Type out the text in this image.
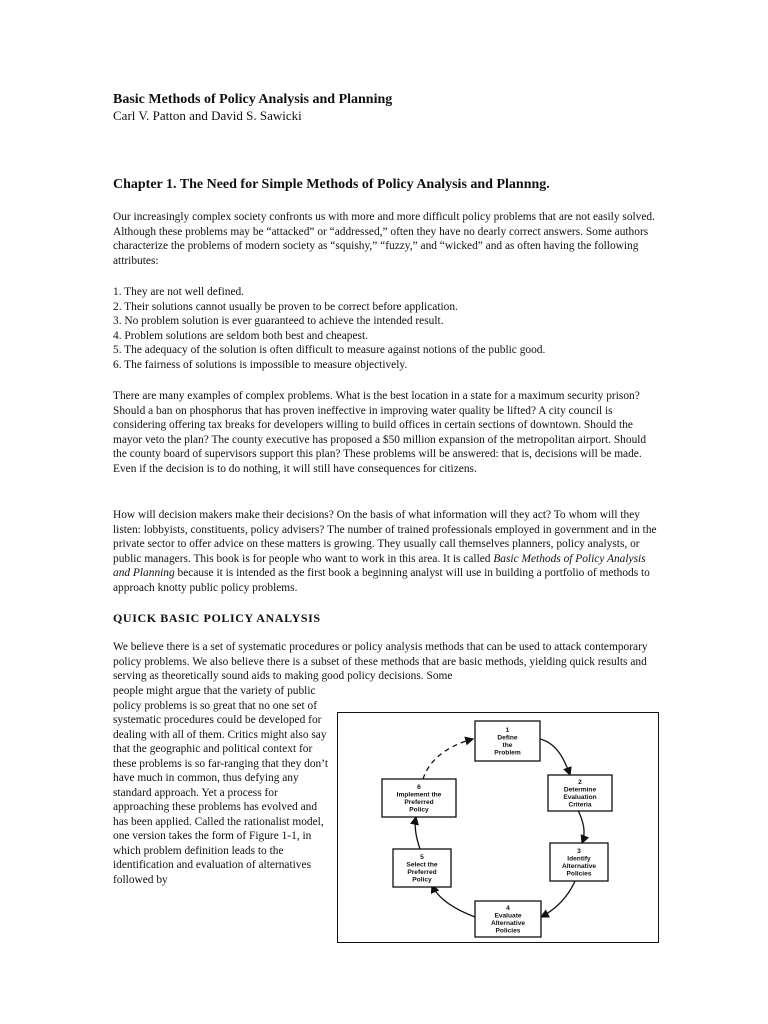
Basic Methods of Policy Analysis and Planning

Carl V. Patton and David S. Sawicki

Chapter 1. The Need for Simple Methods of Policy Analysis and Plannng.

Our increasingly complex society confronts us with more and more difficult policy problems that are not easily solved. Although these problems may be “attacked” or “addressed,” often they have no dearly correct answers. Some authors characterize the problems of modern society as “squishy,” “fuzzy,” and “wicked” and as often having the following attributes:

1. They are not well defined.
2. Their solutions cannot usually be proven to be correct before application.
3. No problem solution is ever guaranteed to achieve the intended result.
4. Problem solutions are seldom both best and cheapest.
5. The adequacy of the solution is often difficult to measure against notions of the public good.
6. The fairness of solutions is impossible to measure objectively.

There are many examples of complex problems. What is the best location in a state for a maximum security prison? Should a ban on phosphorus that has proven ineffective in improving water quality be lifted? A city council is considering offering tax breaks for developers willing to build offices in certain sections of downtown. Should the mayor veto the plan? The county executive has proposed a $50 million expansion of the metropolitan airport. Should the county board of supervisors support this plan? These problems will be answered: that is, decisions will be made. Even if the decision is to do nothing, it will still have consequences for citizens.

How will decision makers make their decisions? On the basis of what information will they act? To whom will they listen: lobbyists, constituents, policy advisers? The number of trained professionals employed in government and in the private sector to offer advice on these matters is growing. They usually call themselves planners, policy analysts, or public managers. This book is for people who want to work in this area. It is called Basic Methods of Policy Analysis and Planning because it is intended as the first book a beginning analyst will use in building a portfolio of methods to approach knotty public policy problems.

QUICK BASIC POLICY ANALYSIS

We believe there is a set of systematic procedures or policy analysis methods that can be used to attack contemporary policy problems. We also believe there is a subset of these methods that are basic methods, yielding quick results and serving as theoretically sound aids to making good policy decisions. Some

people might argue that the variety of public policy problems is so great that no one set of systematic procedures could be developed for dealing with all of them. Critics might also say that the geographic and political context for these problems is so far-ranging that they don’t have much in common, thus defying any standard approach. Yet a process for approaching these problems has evolved and has been applied. Called the rationalist model, one version takes the form of Figure 1-1, in which problem definition leads to the identification and evaluation of alternatives followed by

1
Define
the
Problem
2
Determine
Evaluation
Criteria
3
Identify
Alternative
Policies
4
Evaluate
Alternative
Policies
5
Select the
Preferred
Policy
6
Implement the
Preferred
Policy
